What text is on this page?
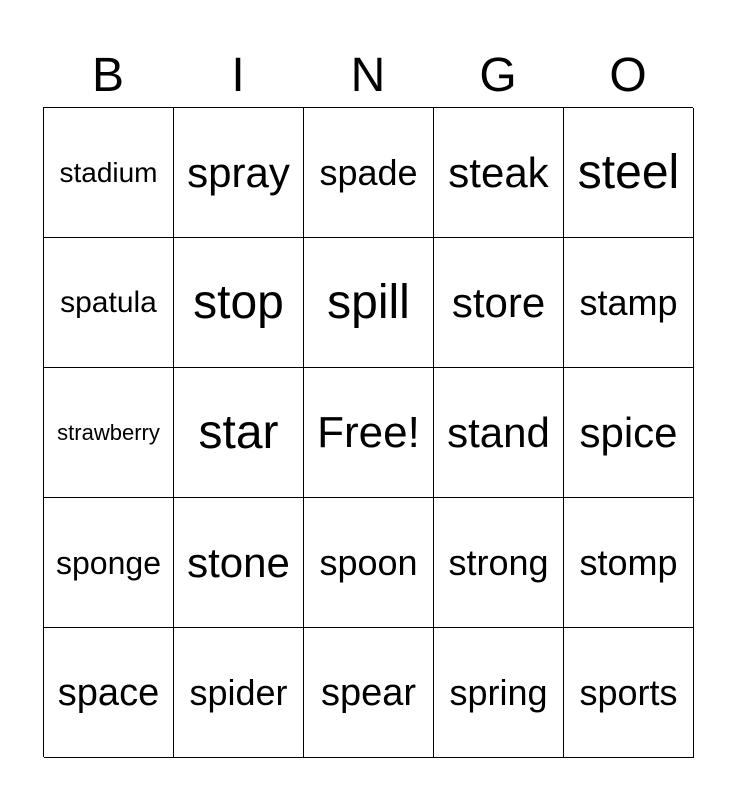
B	I	N	G	O
stadium spray spade steak steel
spatula stop spill store stamp
strawberry star Free! stand spice
sponge stone spoon strong stomp
space spider spear spring sports
